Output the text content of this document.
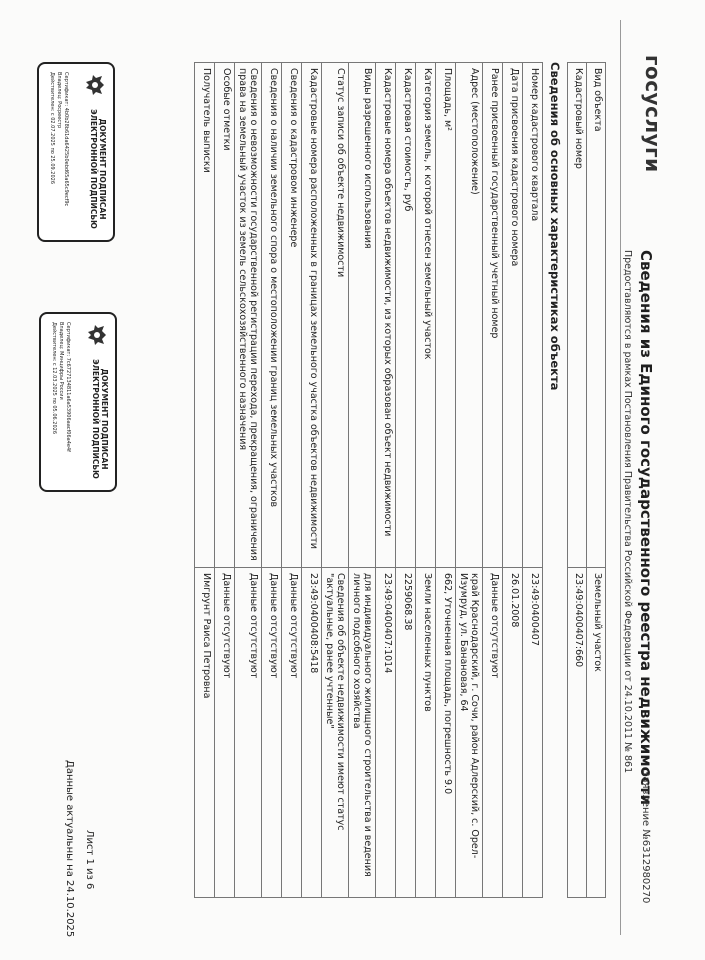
госуслуги
Сведения из Единого государственного реестра недвижимости
Предоставляются в рамках Постановления Правительства Российской Федерации от 24.10.2011 № 861
Заявление №6312980270
Вид объекта	Земельный участок
Кадастровый номер	23:49:0400407:660
Сведения об основных характеристиках объекта
Номер кадастрового квартала	23:49:0400407
Дата присвоения кадастрового номера	26.01.2008
Ранее присвоенный государственный учетный номер	Данные отсутствуют
Адрес (местоположение)	край Краснодарский, г. Сочи, район Адлерский, с. Орел-Изумруд, ул. Банановая, 64
Площадь, м²	662, Уточненная площадь, погрешность 9.0
Категория земель, к которой отнесен земельный участок	Земли населенных пунктов
Кадастровая стоимость, руб	2259068.38
Кадастровые номера объектов недвижимости, из которых образован объект недвижимости	23:49:0400407:1014
Виды разрешенного использования	для индивидуального жилищного строительства и ведения личного подсобного хозяйства
Статус записи об объекте недвижимости	Сведения об объекте недвижимости имеют статус "актуальные, ранее учтенные"
Кадастровые номера расположенных в границах земельного участка объектов недвижимости	23:49:0400408:5418
Сведения о кадастровом инженере	Данные отсутствуют
Сведения о наличии земельного спора о местоположении границ земельных участков	Данные отсутствуют
Сведения о невозможности государственной регистрации перехода, прекращения, ограничения права на земельный участок из земель сельскохозяйственного назначения	Данные отсутствуют
Особые отметки	Данные отсутствуют
Получатель выписки	Имгрунт Раиса Петровна
ДОКУМЕНТ ПОДПИСАН ЭЛЕКТРОННОЙ ПОДПИСЬЮ
Сертификат: 4b0b28b61da6425b0ebd65a65c9ecf9c
Владелец: Росреестр
Действителен: с 02.07.2025 по 25.09.2026
ДОКУМЕНТ ПОДПИСАН ЭЛЕКТРОННОЙ ПОДПИСЬЮ
Сертификат: 7c6727134811a6a53906aacf06a4e4f
Владелец: Минцифры России
Действителен: с 12.03.2025 по 05.06.2026
Лист 1 из 6
Данные актуальны на 24.10.2025
